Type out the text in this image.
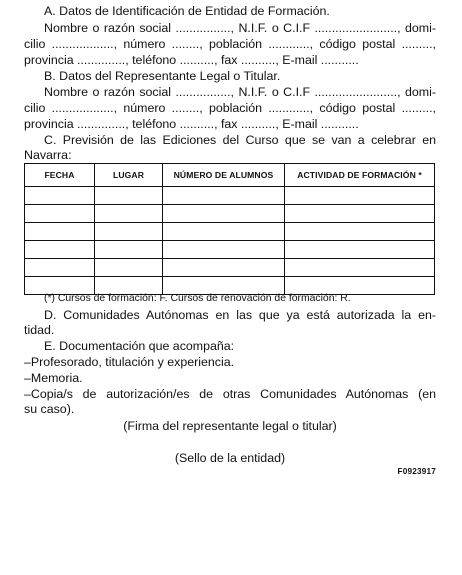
A. Datos de Identificación de Entidad de Formación.
Nombre o razón social ................, N.I.F. o C.I.F ........................, domi-
cilio .................., número ........, población ............, código postal .........,
provincia .............., teléfono .........., fax .........., E-mail ...........
B. Datos del Representante Legal o Titular.
Nombre o razón social ................, N.I.F. o C.I.F ........................, domi-
cilio .................., número ........, población ............, código postal .........,
provincia .............., teléfono .........., fax .........., E-mail ...........
C. Previsión de las Ediciones del Curso que se van a celebrar en
Navarra:
FECHA	LUGAR	NÚMERO DE ALUMNOS	ACTIVIDAD DE FORMACIÓN *

(*) Cursos de formación: F. Cursos de renovación de formación: R.
D. Comunidades Autónomas en las que ya está autorizada la en-
tidad.
E. Documentación que acompaña:
–Profesorado, titulación y experiencia.
–Memoria.
–Copia/s de autorización/es de otras Comunidades Autónomas (en
su caso).
(Firma del representante legal o titular)
(Sello de la entidad)
F0923917
